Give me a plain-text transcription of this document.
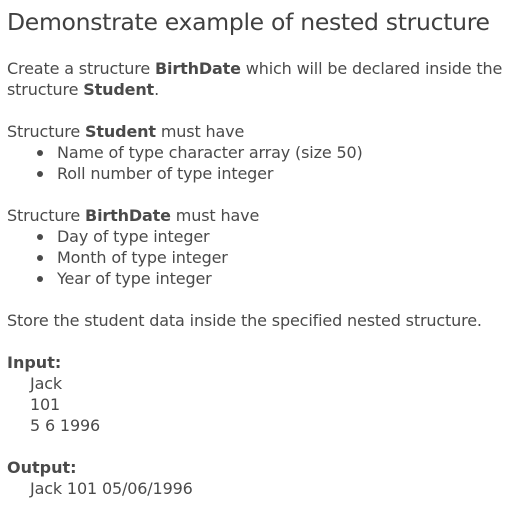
Demonstrate example of nested structure

Create a structure BirthDate which will be declared inside the structure Student.

Structure Student must have

Name of type character array (size 50)
Roll number of type integer

Structure BirthDate must have

Day of type integer
Month of type integer
Year of type integer

Store the student data inside the specified nested structure.

Input:

Jack

101

5 6 1996

Output:

Jack 101 05/06/1996
